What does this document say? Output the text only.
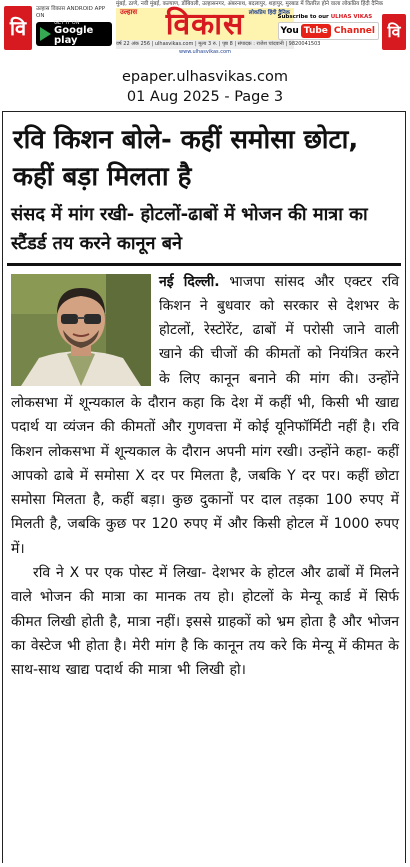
वि
उल्हास विकास ANDROID APP ON
GET IT ON
Google play
मुंबई, ठाणे, नवी मुंबई, कल्याण, डोंबिवली, उल्हासनगर, अंबरनाथ, बदलापुर, शहापुर, मुरबाड में वितरित होने वाला लोकप्रिय हिंदी दैनिक
उल्हास विकास लोकप्रिय हिंदी दैनिक
वर्ष 22 अंक 256 | ulhasvikas.com | मूल्य 3 रु. | पृष्ठ 8 | संपादक : राजेश चांदवानी | 9820041503
www.ulhasvikas.com
Subscribe to our ULHAS VIKAS
You Tube Channel वि
epaper.ulhasvikas.com
01 Aug 2025 - Page 3
रवि किशन बोले- कहीं समोसा छोटा, कहीं बड़ा मिलता है
संसद में मांग रखी- होटलों-ढाबों में भोजन की मात्रा का स्टैंडर्ड तय करने कानून बने

नई दिल्ली. भाजपा सांसद और एक्टर रवि किशन ने बुधवार को सरकार से देशभर के होटलों, रेस्टोरेंट, ढाबों में परोसी जाने वाली खाने की चीजों की कीमतों को नियंत्रित करने के लिए कानून बनाने की मांग की। उन्होंने लोकसभा में शून्यकाल के दौरान कहा कि देश में कहीं भी, किसी भी खाद्य पदार्थ या व्यंजन की कीमतों और गुणवत्ता में कोई यूनिफॉर्मिटी नहीं है। रवि किशन लोकसभा में शून्यकाल के दौरान अपनी मांग रखी। उन्होंने कहा- कहीं आपको ढाबे में समोसा X दर पर मिलता है, जबकि Y दर पर। कहीं छोटा समोसा मिलता है, कहीं बड़ा। कुछ दुकानों पर दाल तड़का 100 रुपए में मिलती है, जबकि कुछ पर 120 रुपए में और किसी होटल में 1000 रुपए में।

रवि ने X पर एक पोस्ट में लिखा- देशभर के होटल और ढाबों में मिलने वाले भोजन की मात्रा का मानक तय हो। होटलों के मेन्यू कार्ड में सिर्फ कीमत लिखी होती है, मात्रा नहीं। इससे ग्राहकों को भ्रम होता है और भोजन का वेस्टेज भी होता है। मेरी मांग है कि कानून तय करे कि मेन्यू में कीमत के साथ-साथ खाद्य पदार्थ की मात्रा भी लिखी हो।
